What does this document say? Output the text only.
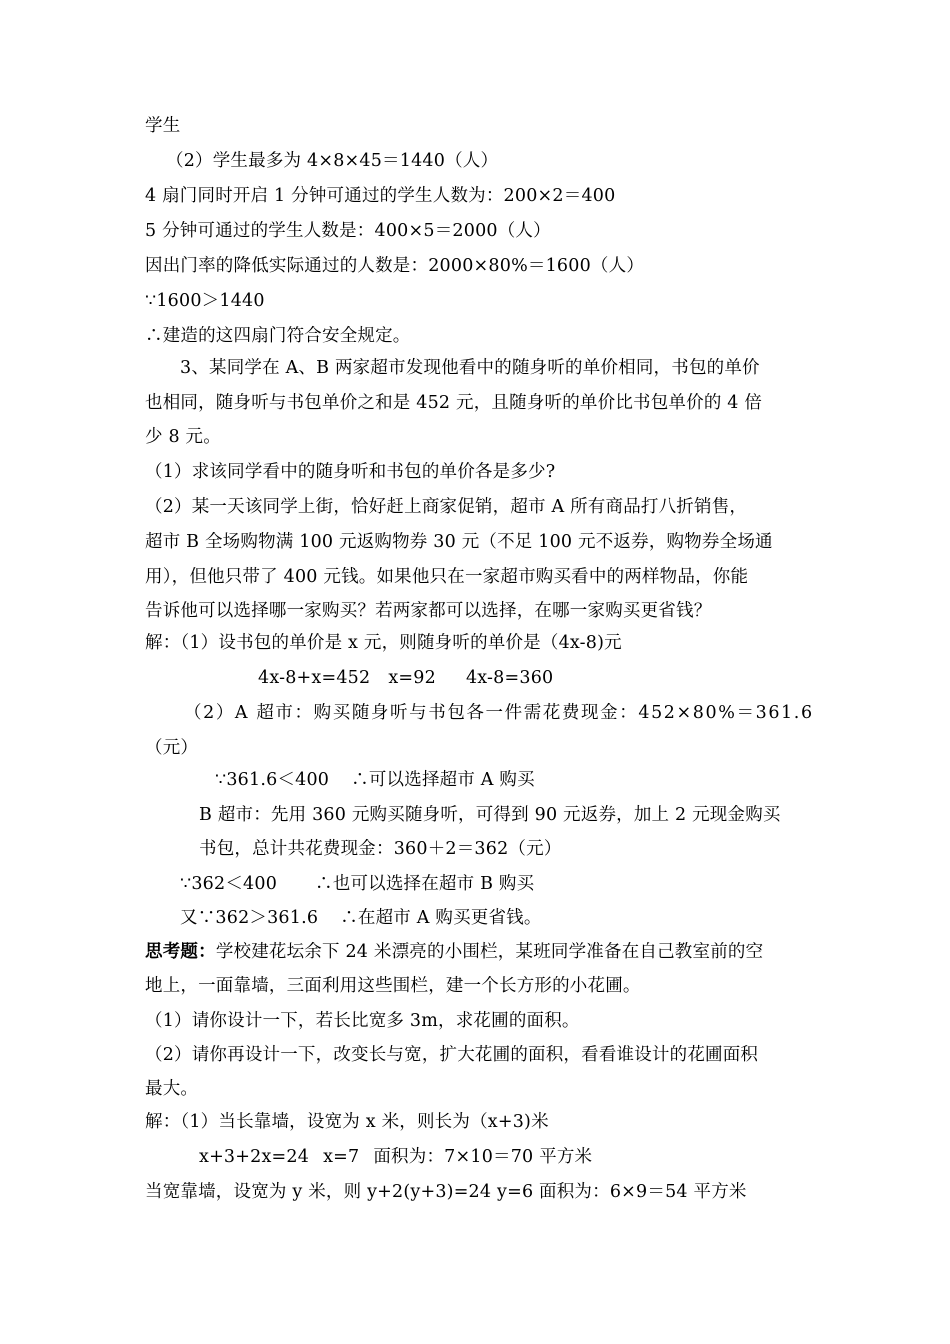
学生
（2）学生最多为 4×8×45＝1440（人）
4 扇门同时开启 1 分钟可通过的学生人数为：200×2＝400
5 分钟可通过的学生人数是：400×5＝2000（人）
因出门率的降低实际通过的人数是：2000×80%＝1600（人）
∵1600＞1440
∴建造的这四扇门符合安全规定。
3、某同学在 A、B 两家超市发现他看中的随身听的单价相同，书包的单价
也相同，随身听与书包单价之和是 452 元，且随身听的单价比书包单价的 4 倍
少 8 元。
（1）求该同学看中的随身听和书包的单价各是多少?
（2）某一天该同学上街，恰好赶上商家促销，超市 A 所有商品打八折销售，
超市 B 全场购物满 100 元返购物券 30 元（不足 100 元不返券，购物券全场通
用），但他只带了 400 元钱。如果他只在一家超市购买看中的两样物品，你能
告诉他可以选择哪一家购买？若两家都可以选择，在哪一家购买更省钱？
解：（1）设书包的单价是 x 元，则随身听的单价是（4x-8)元
4x-8+x=452 x=92 4x-8=360
（2）A 超市：购买随身听与书包各一件需花费现金：452×80%＝361.6
（元）
∵361.6＜400 ∴可以选择超市 A 购买
B 超市：先用 360 元购买随身听，可得到 90 元返券，加上 2 元现金购买
书包，总计共花费现金：360＋2＝362（元）
∵362＜400 ∴也可以选择在超市 B 购买
又∵362＞361.6 ∴在超市 A 购买更省钱。
思考题：学校建花坛余下 24 米漂亮的小围栏，某班同学准备在自己教室前的空
地上，一面靠墙，三面利用这些围栏，建一个长方形的小花圃。
（1）请你设计一下，若长比宽多 3m，求花圃的面积。
（2）请你再设计一下，改变长与宽，扩大花圃的面积，看看谁设计的花圃面积
最大。
解：（1）当长靠墙，设宽为 x 米，则长为（x+3)米
x+3+2x=24 x=7 面积为：7×10＝70 平方米
当宽靠墙，设宽为 y 米，则 y+2(y+3)=24 y=6 面积为：6×9＝54 平方米
